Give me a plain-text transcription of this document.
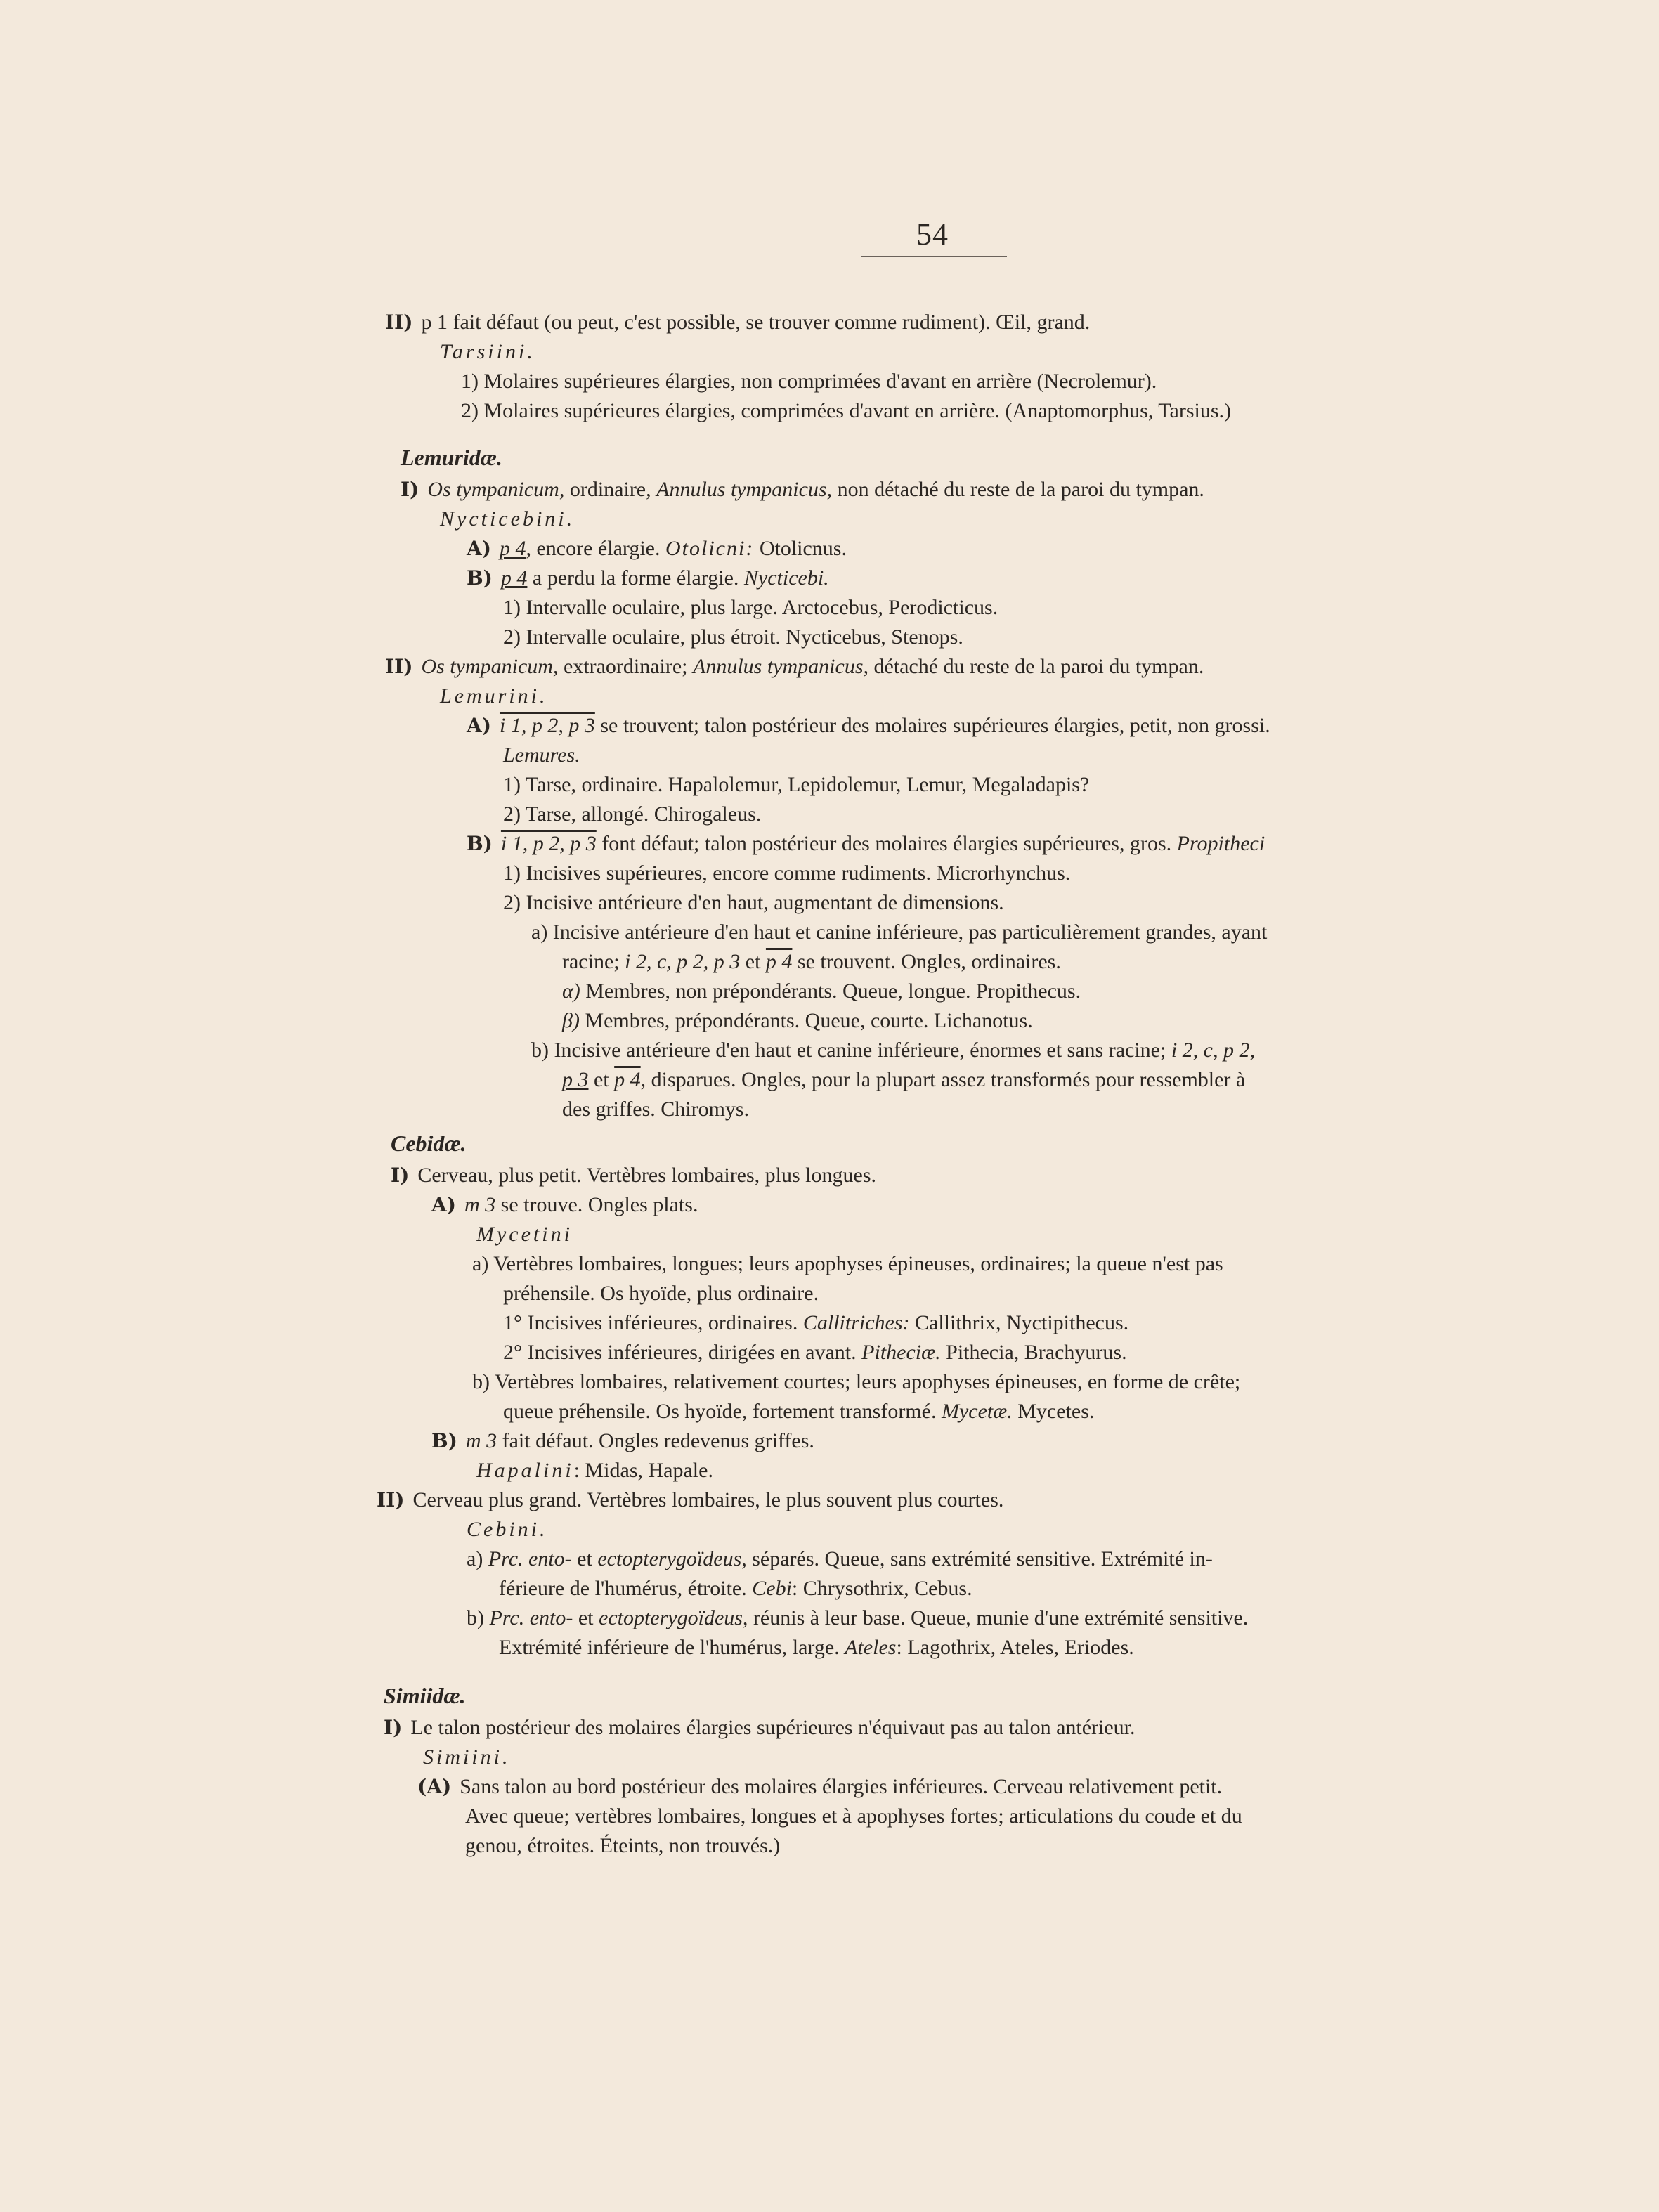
54
II) p 1 fait défaut (ou peut, c'est possible, se trouver comme rudiment). Œil, grand.
Tarsiini.
1) Molaires supérieures élargies, non comprimées d'avant en arrière (Necrolemur).
2) Molaires supérieures élargies, comprimées d'avant en arrière. (Anaptomorphus, Tarsius.)
Lemuridæ.
I) Os tympanicum, ordinaire, Annulus tympanicus, non détaché du reste de la paroi du tympan.
Nycticebini.
A) p 4, encore élargie. Otolicni: Otolicnus.
B) p 4 a perdu la forme élargie. Nycticebi.
1) Intervalle oculaire, plus large. Arctocebus, Perodicticus.
2) Intervalle oculaire, plus étroit. Nycticebus, Stenops.
II) Os tympanicum, extraordinaire; Annulus tympanicus, détaché du reste de la paroi du tympan.
Lemurini.
A) i 1, p 2, p 3 se trouvent; talon postérieur des molaires supérieures élargies, petit, non grossi.
Lemures.
1) Tarse, ordinaire. Hapalolemur, Lepidolemur, Lemur, Megaladapis?
2) Tarse, allongé. Chirogaleus.
B) i 1, p 2, p 3 font défaut; talon postérieur des molaires élargies supérieures, gros. Propitheci
1) Incisives supérieures, encore comme rudiments. Microrhynchus.
2) Incisive antérieure d'en haut, augmentant de dimensions.
a) Incisive antérieure d'en haut et canine inférieure, pas particulièrement grandes, ayant
racine; i 2, c, p 2, p 3 et p 4 se trouvent. Ongles, ordinaires.
α) Membres, non prépondérants. Queue, longue. Propithecus.
β) Membres, prépondérants. Queue, courte. Lichanotus.
b) Incisive antérieure d'en haut et canine inférieure, énormes et sans racine; i 2, c, p 2,
p 3 et p 4, disparues. Ongles, pour la plupart assez transformés pour ressembler à
des griffes. Chiromys.
Cebidæ.
I) Cerveau, plus petit. Vertèbres lombaires, plus longues.
A) m 3 se trouve. Ongles plats.
Mycetini
a) Vertèbres lombaires, longues; leurs apophyses épineuses, ordinaires; la queue n'est pas
préhensile. Os hyoïde, plus ordinaire.
1° Incisives inférieures, ordinaires. Callitriches: Callithrix, Nyctipithecus.
2° Incisives inférieures, dirigées en avant. Pitheciæ. Pithecia, Brachyurus.
b) Vertèbres lombaires, relativement courtes; leurs apophyses épineuses, en forme de crête;
queue préhensile. Os hyoïde, fortement transformé. Mycetæ. Mycetes.
B) m 3 fait défaut. Ongles redevenus griffes.
Hapalini: Midas, Hapale.
II) Cerveau plus grand. Vertèbres lombaires, le plus souvent plus courtes.
Cebini.
a) Prc. ento- et ectopterygoïdeus, séparés. Queue, sans extrémité sensitive. Extrémité in-
férieure de l'humérus, étroite. Cebi: Chrysothrix, Cebus.
b) Prc. ento- et ectopterygoïdeus, réunis à leur base. Queue, munie d'une extrémité sensitive.
Extrémité inférieure de l'humérus, large. Ateles: Lagothrix, Ateles, Eriodes.
Simiidæ.
I) Le talon postérieur des molaires élargies supérieures n'équivaut pas au talon antérieur.
Simiini.
(A) Sans talon au bord postérieur des molaires élargies inférieures. Cerveau relativement petit.
Avec queue; vertèbres lombaires, longues et à apophyses fortes; articulations du coude et du
genou, étroites. Éteints, non trouvés.)
